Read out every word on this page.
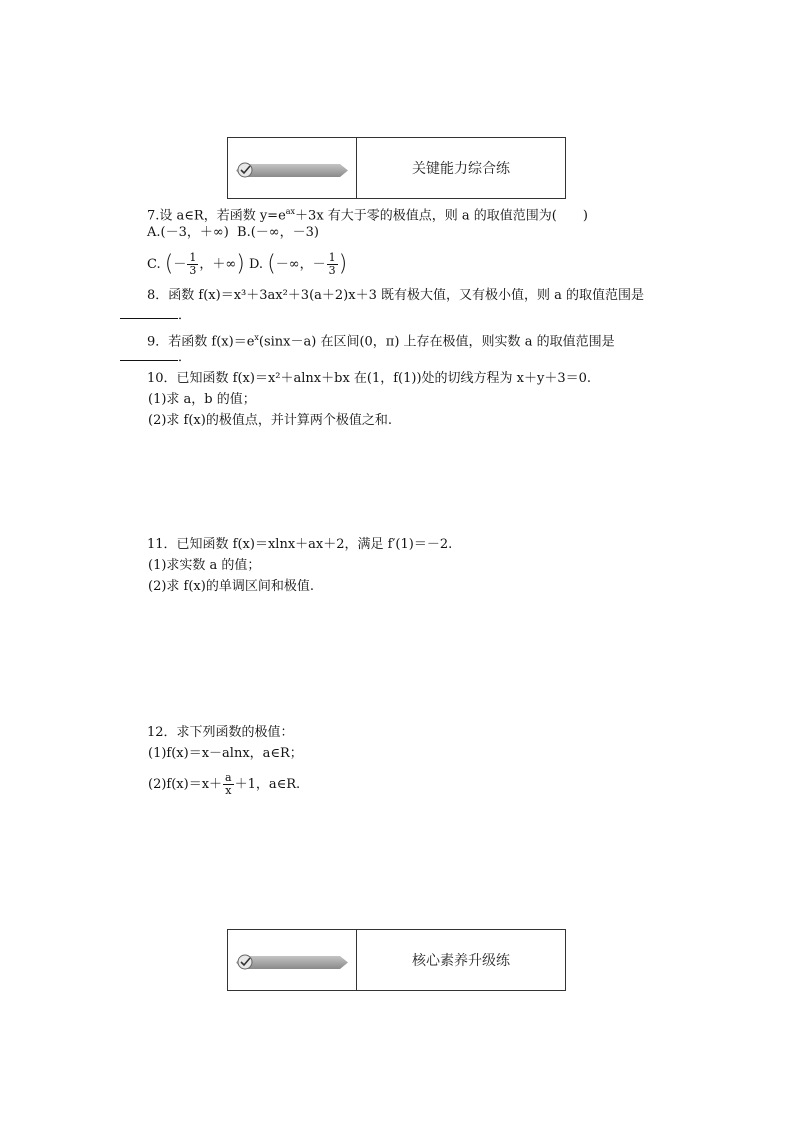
关键能力综合练
7.设 a∈R，若函数 $y=e^{ax}+3x$ 有大于零的极值点，则 a 的取值范围为(　　)
A.(－3，＋∞) B.(－∞，－3)
C. (－ $\frac{1}{3}$ ，＋∞) D. (－∞，－ $\frac{1}{3}$ )
8．函数 f(x)＝x³＋3ax²＋3(a＋2)x＋3 既有极大值，又有极小值，则 a 的取值范围是
．
9．若函数 $f(x)=e^x(\sin x-a)$ 在区间(0，π) 上存在极值，则实数 a 的取值范围是
．
10．已知函数 f(x)＝x²＋alnx＋bx 在(1，f(1))处的切线方程为 x＋y＋3＝0.
(1)求 a，b 的值；
(2)求 f(x)的极值点，并计算两个极值之和.
11．已知函数 f(x)＝xlnx＋ax＋2，满足 f′(1)＝－2.
(1)求实数 a 的值；
(2)求 f(x)的单调区间和极值.
12．求下列函数的极值：
(1)f(x)＝x－alnx，a∈R；
$(2)f(x)=x+ \frac{a}{x} +1$，a∈R.
核心素养升级练
